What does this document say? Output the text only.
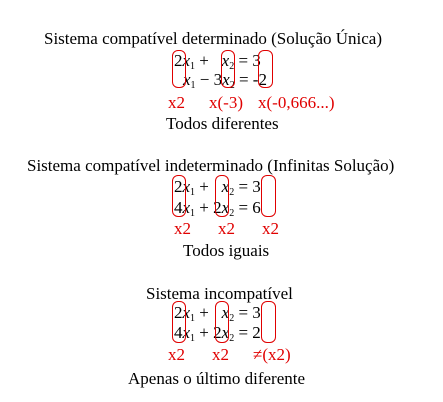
Sistema compatível determinado (Solução Única)
$2x_1 + x_2 = 3$
$x_1 - 3x_2 = -2$
x2 x(-3) x(-0,666...)
Todos diferentes
Sistema compatível indeterminado (Infinitas Solução)
$2x_1 + x_2 = 3$
$4x_1 + 2x_2 = 6$
x2 x2 x2
Todos iguais
Sistema incompatível
$2x_1 + x_2 = 3$
$4x_1 + 2x_2 = 2$
x2 x2 ≠(x2)
Apenas o último diferente
